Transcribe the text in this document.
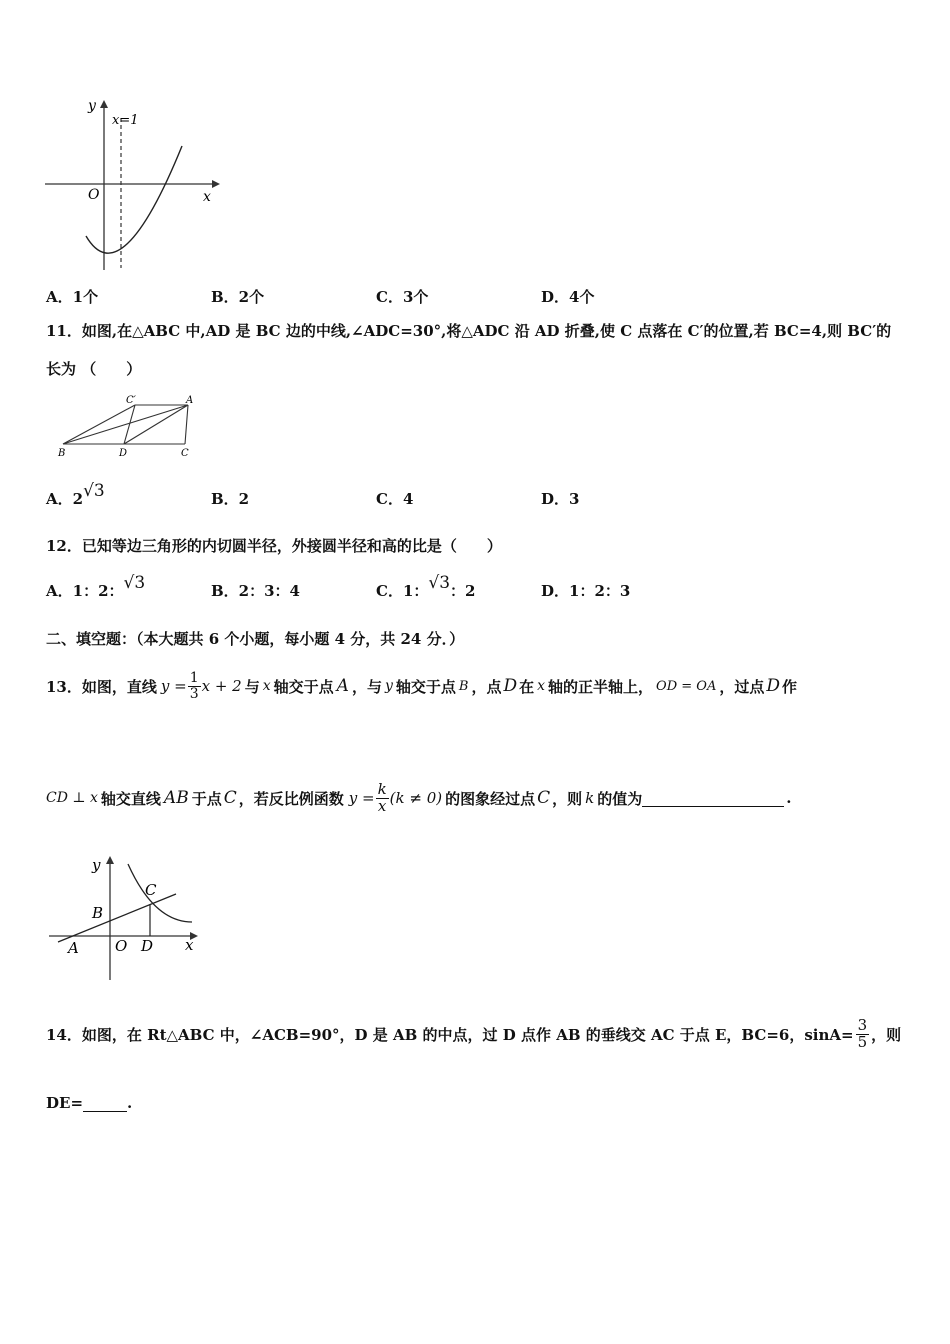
y
x
O
x=1
A．1个	B．2个	C．3个	D．4个
11．如图,在△ABC 中,AD 是 BC 边的中线,∠ADC=30°,将△ADC 沿 AD 折叠,使 C 点落在 C′的位置,若 BC=4,则 BC′的
长为 （　　）
B	D	C
C′	A
A．2√3	B．2	C．4	D．3
12．已知等边三角形的内切圆半径，外接圆半径和高的比是（　　）
A．1：2：√3	B．2：3：4	C．1：√3：2	D．1：2：3
二、填空题：（本大题共 6 个小题，每小题 4 分，共 24 分．）
13．如图，直线 $y = \frac{1}{3}$ x + 2 与 x 轴交于点 A ，与 y 轴交于点 B ，点 D 在 x 轴的正半轴上， OD = OA ，过点 D 作
CD ⊥ x 轴交直线 AB 于点 C ，若反比例函数 $y = \frac{k}{x} (k \ne 0)$ 的图象经过点 C ，则 k 的值为	.
y
x
O
A
B
C
D
14．如图，在 Rt△ABC 中，∠ACB=90°，D 是 AB 的中点，过 D 点作 AB 的垂线交 AC 于点 E，BC=6，$\sin A= \frac{3}{5}$ ，则
DE=	.
